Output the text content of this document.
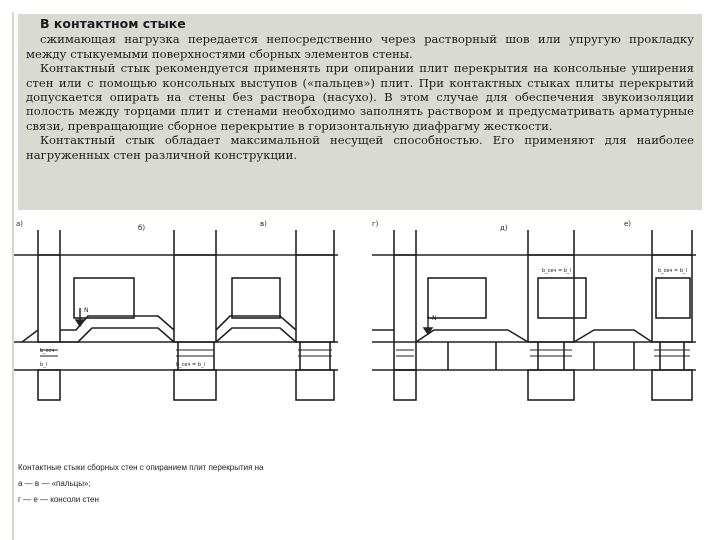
В контактном стыке

сжимающая нагрузка передается непосредственно через растворный шов или упругую прокладку между стыкуемыми поверхностями сборных элементов стены.

Контактный стык рекомендуется применять при опирании плит перекрытия на консольные уширения стен или с помощью консольных выступов («пальцев») плит. При контактных стыках плиты перекрытий допускается опирать на стены без раствора (насухо). В этом случае для обеспечения звукоизоляции полость между торцами плит и стенами необходимо заполнять раствором и предусматривать арматурные связи, превращающие сборное перекрытие в горизонтальную диафрагму жесткости.

Контактный стык обладает максимальной несущей способностью. Его применяют для наиболее нагруженных стен различной конструкции.

а)	б)	в)	г)	д)	е)
b_сеч
b_l	b_сеч = b_l
b_сеч = b_l	b_сеч = b_l
N
N
Контактные стыки сборных стен с опиранием плит перекрытия на
а — в — «пальцы»;
г — е — консоли стен
